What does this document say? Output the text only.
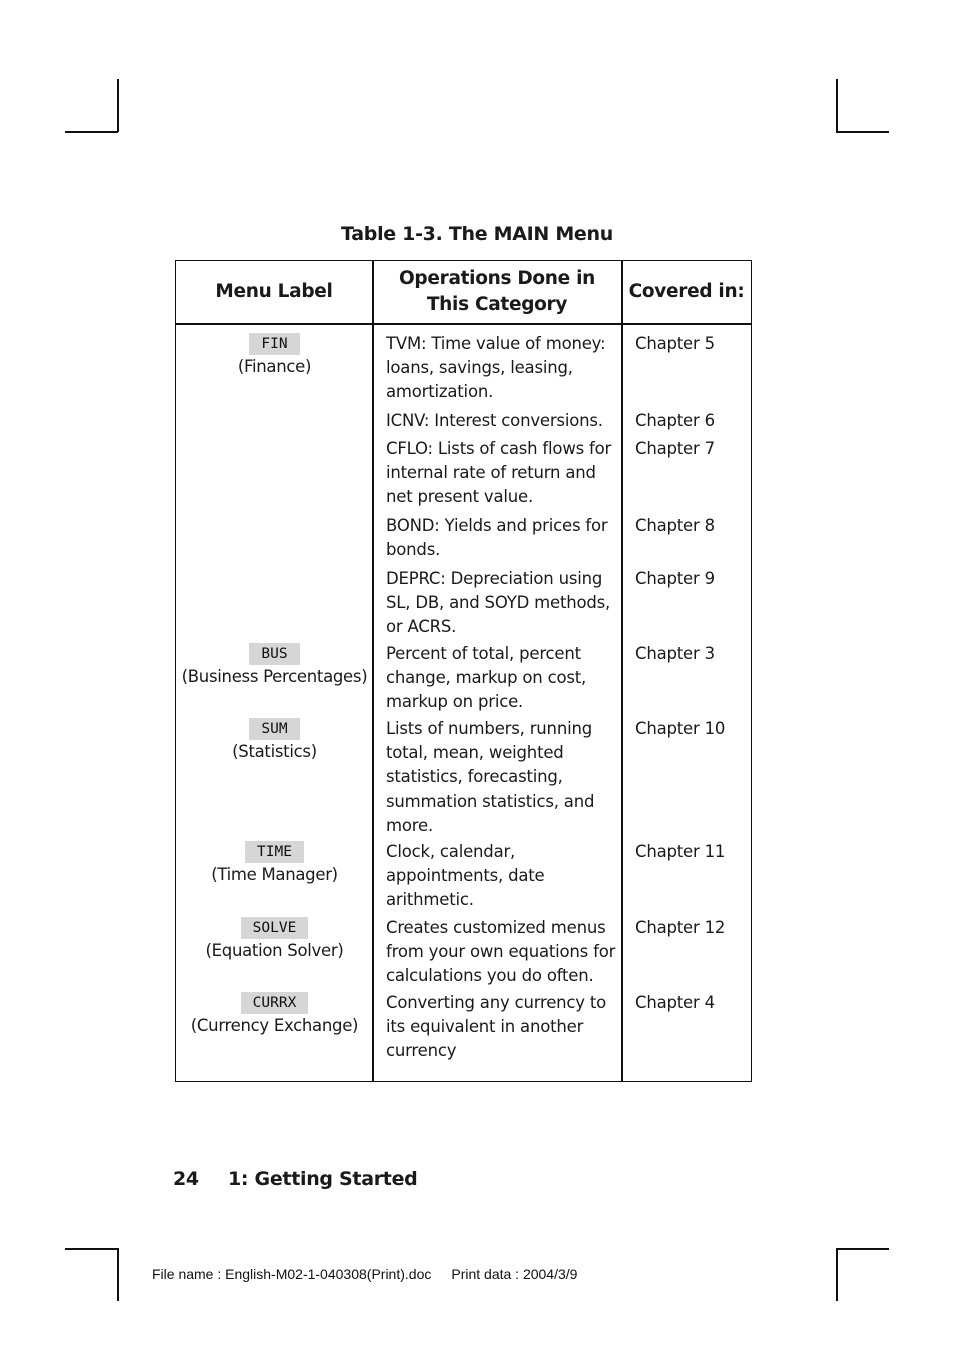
Table 1-3. The MAIN Menu
Menu Label
Operations Done in
This Category
Covered in:
FIN
(Finance)
TVM: Time value of money: loans, savings, leasing, amortization.
Chapter 5
ICNV: Interest conversions.	Chapter 6
CFLO: Lists of cash flows for internal rate of return and net present value.
Chapter 7
BOND: Yields and prices for bonds.
Chapter 8
DEPRC: Depreciation using SL, DB, and SOYD methods, or ACRS.
Chapter 9
BUS
(Business Percentages)
Percent of total, percent change, markup on cost, markup on price.
Chapter 3
SUM
(Statistics)
Lists of numbers, running total, mean, weighted statistics, forecasting, summation statistics, and more.
Chapter 10
TIME
(Time Manager)
Clock, calendar, appointments, date arithmetic.
Chapter 11
SOLVE
(Equation Solver)
Creates customized menus from your own equations for calculations you do often.
Chapter 12
CURRX
(Currency Exchange)
Converting any currency to its equivalent in another currency
Chapter 4
24 1: Getting Started
File name : English-M02-1-040308(Print).doc Print data : 2004/3/9
